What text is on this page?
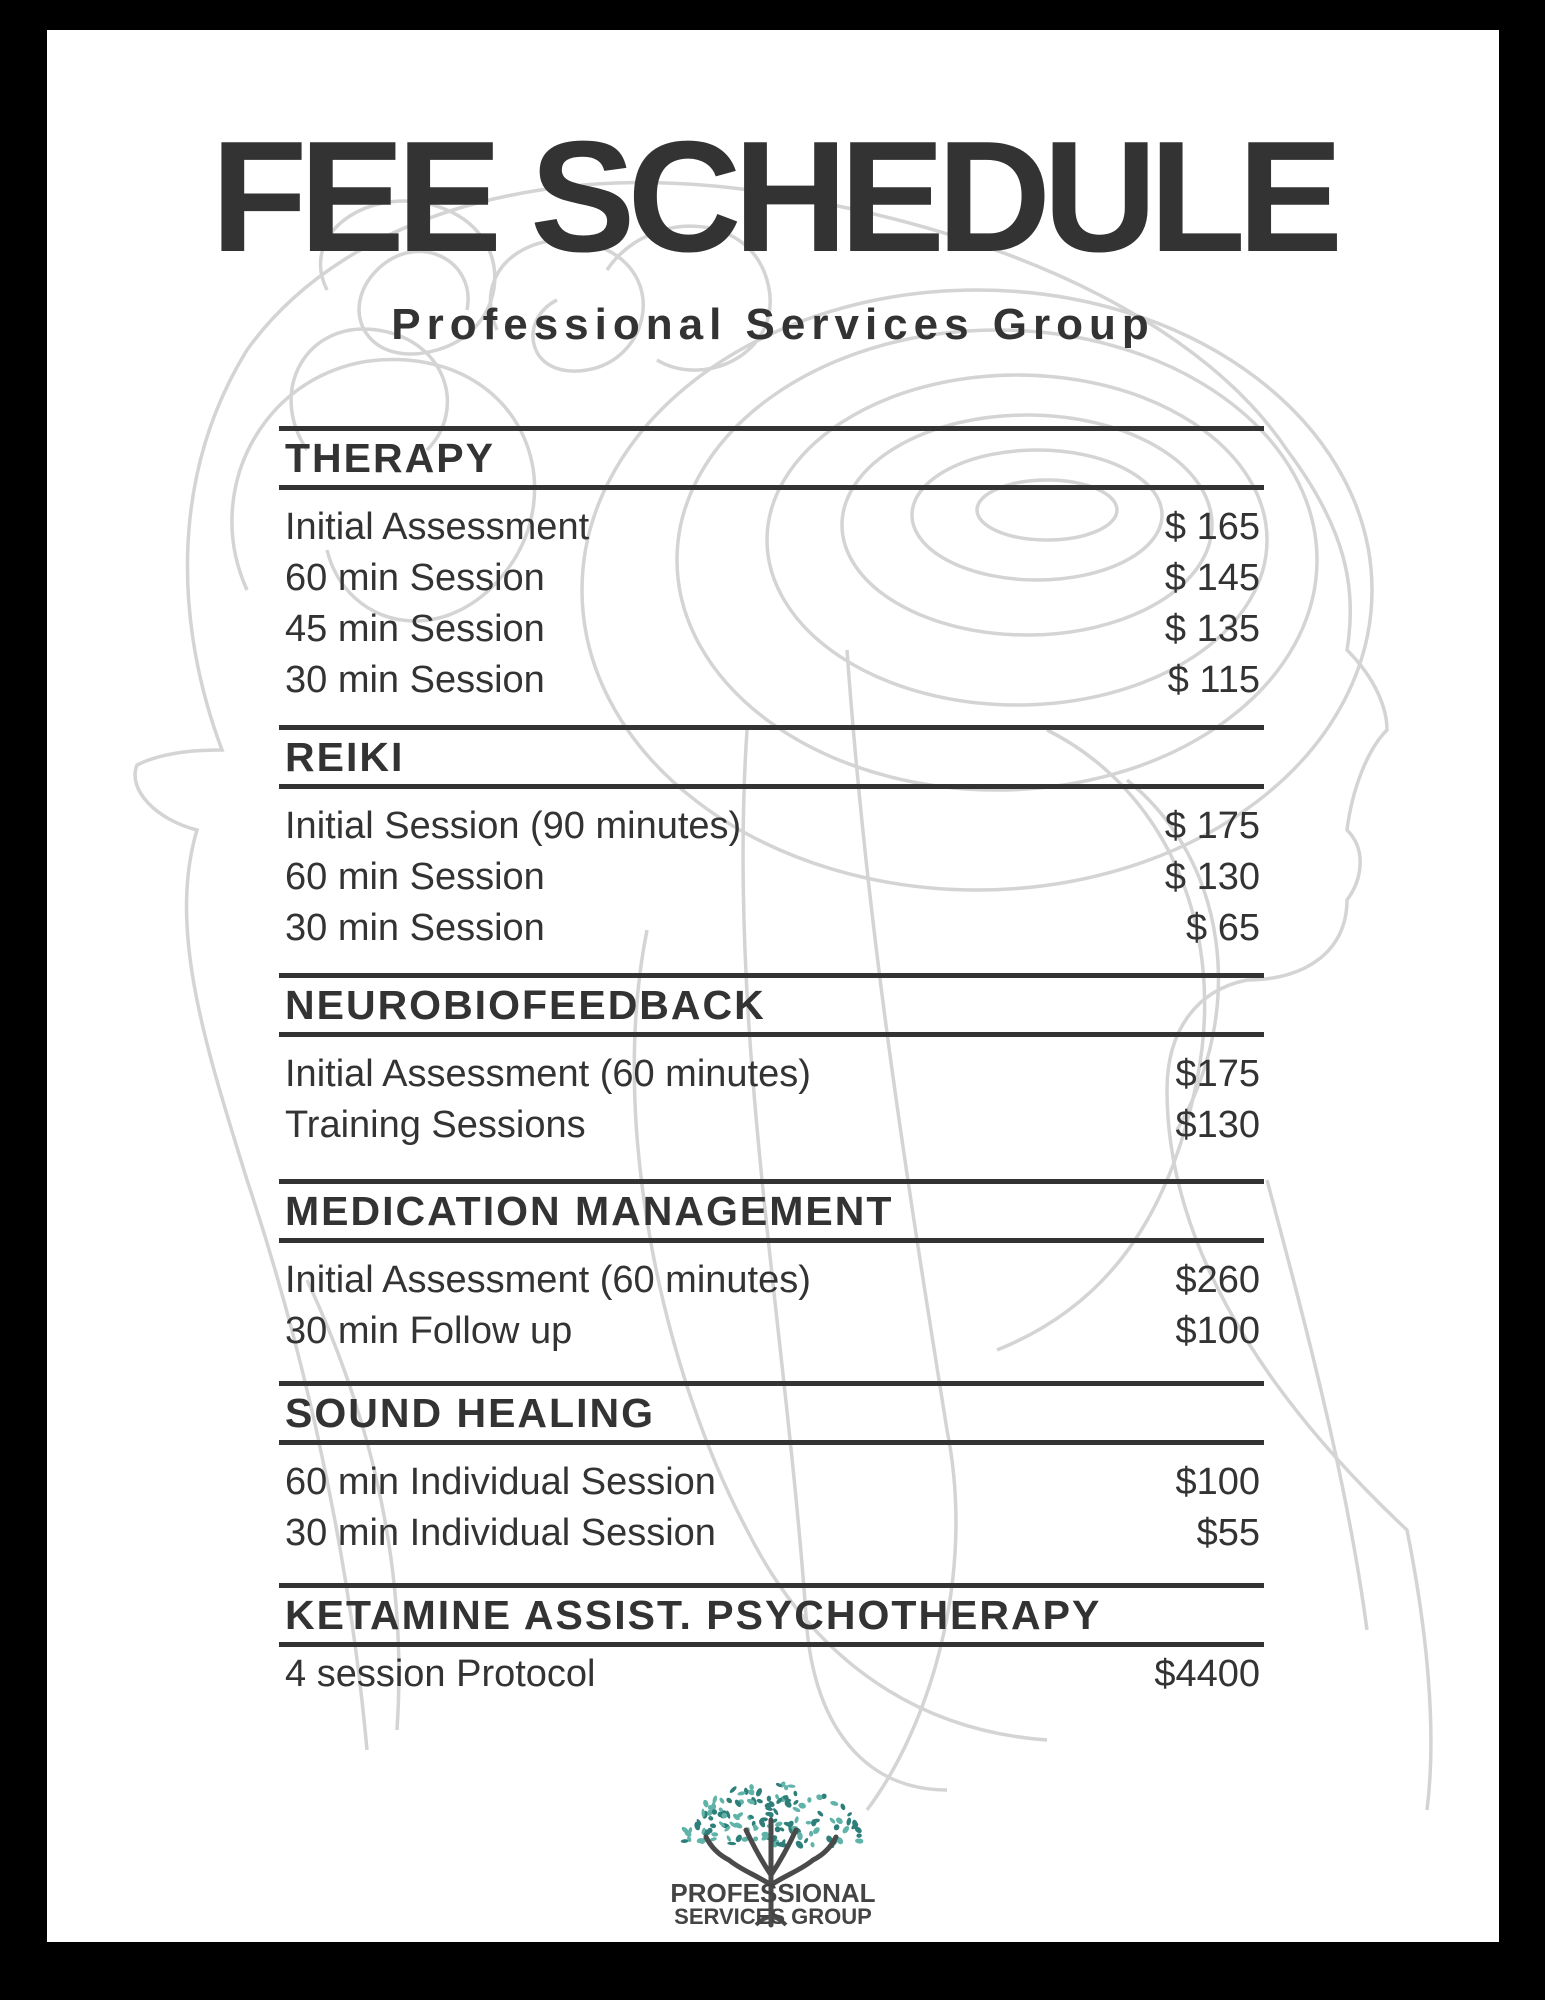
FEE SCHEDULE
Professional Services Group
THERAPY
Initial Assessment	$ 165
60 min Session	$ 145
45 min Session	$ 135
30 min Session	$ 115
REIKI
Initial Session (90 minutes)	$ 175
60 min Session	$ 130
30 min Session	$ 65
NEUROBIOFEEDBACK
Initial Assessment (60 minutes)	$175
Training Sessions	$130
MEDICATION MANAGEMENT
Initial Assessment (60 minutes)	$260
30 min Follow up	$100
SOUND HEALING
60 min Individual Session	$100
30 min Individual Session	$55
KETAMINE ASSIST. PSYCHOTHERAPY
4 session Protocol	$4400
PROFESSIONAL
SERVICES GROUP
